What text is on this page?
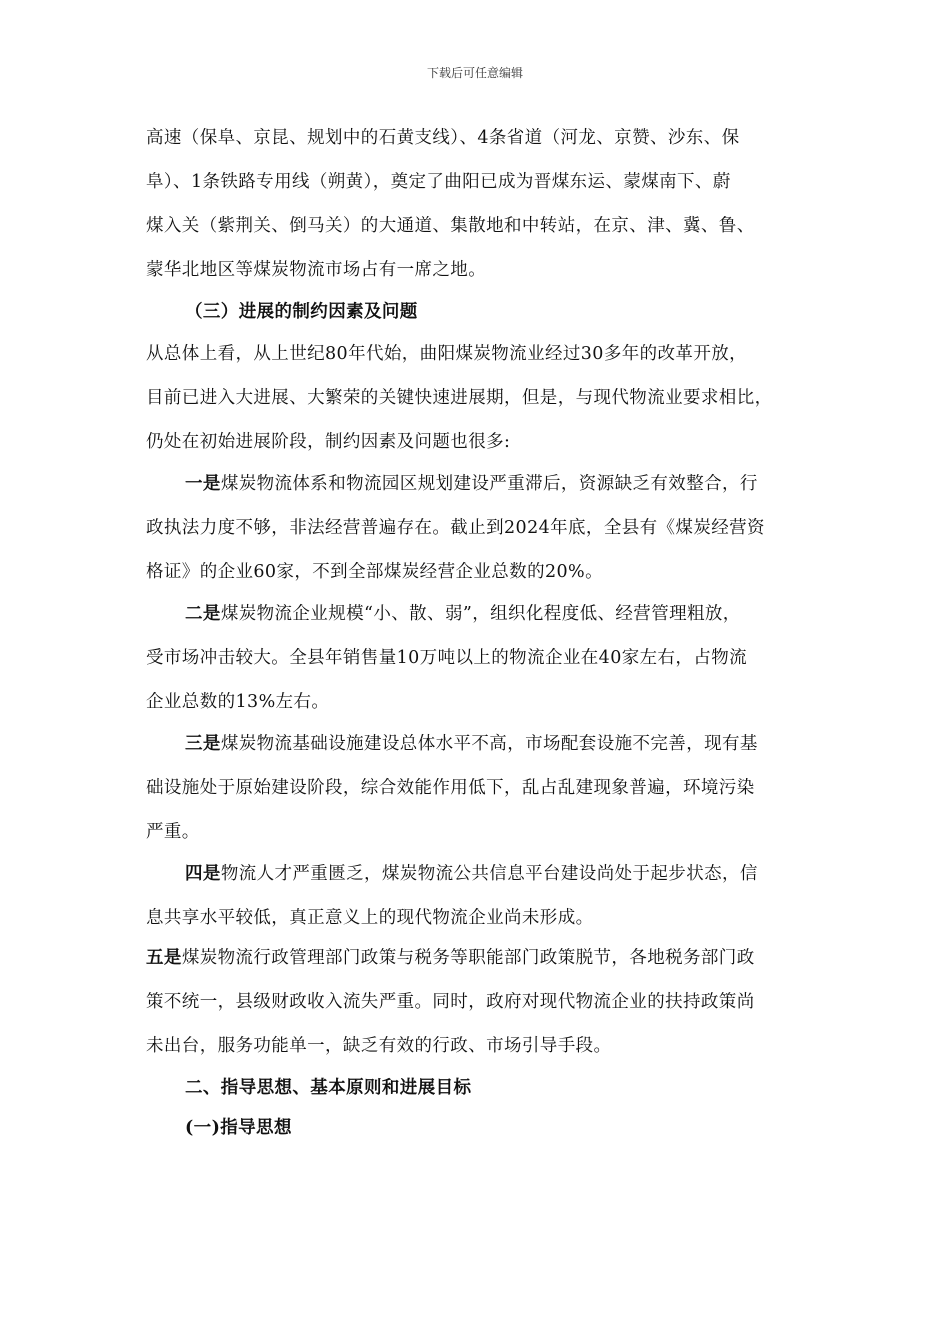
下载后可任意编辑
高速（保阜、京昆、规划中的石黄支线）、4条省道（河龙、京赞、沙东、保
阜）、1条铁路专用线（朔黄），奠定了曲阳已成为晋煤东运、蒙煤南下、蔚
煤入关（紫荆关、倒马关）的大通道、集散地和中转站，在京、津、冀、鲁、
蒙华北地区等煤炭物流市场占有一席之地。
（三）进展的制约因素及问题
从总体上看，从上世纪80年代始，曲阳煤炭物流业经过30多年的改革开放，
目前已进入大进展、大繁荣的关键快速进展期，但是，与现代物流业要求相比，
仍处在初始进展阶段，制约因素及问题也很多:
一是煤炭物流体系和物流园区规划建设严重滞后，资源缺乏有效整合，行
政执法力度不够，非法经营普遍存在。截止到2024年底，全县有《煤炭经营资
格证》的企业60家，不到全部煤炭经营企业总数的20%。
二是煤炭物流企业规模“小、散、弱”，组织化程度低、经营管理粗放，
受市场冲击较大。全县年销售量10万吨以上的物流企业在40家左右，占物流
企业总数的13%左右。
三是煤炭物流基础设施建设总体水平不高，市场配套设施不完善，现有基
础设施处于原始建设阶段，综合效能作用低下，乱占乱建现象普遍，环境污染
严重。
四是物流人才严重匮乏，煤炭物流公共信息平台建设尚处于起步状态，信
息共享水平较低，真正意义上的现代物流企业尚未形成。
五是煤炭物流行政管理部门政策与税务等职能部门政策脱节，各地税务部门政
策不统一，县级财政收入流失严重。同时，政府对现代物流企业的扶持政策尚
未出台，服务功能单一，缺乏有效的行政、市场引导手段。
二、指导思想、基本原则和进展目标
(一)指导思想
